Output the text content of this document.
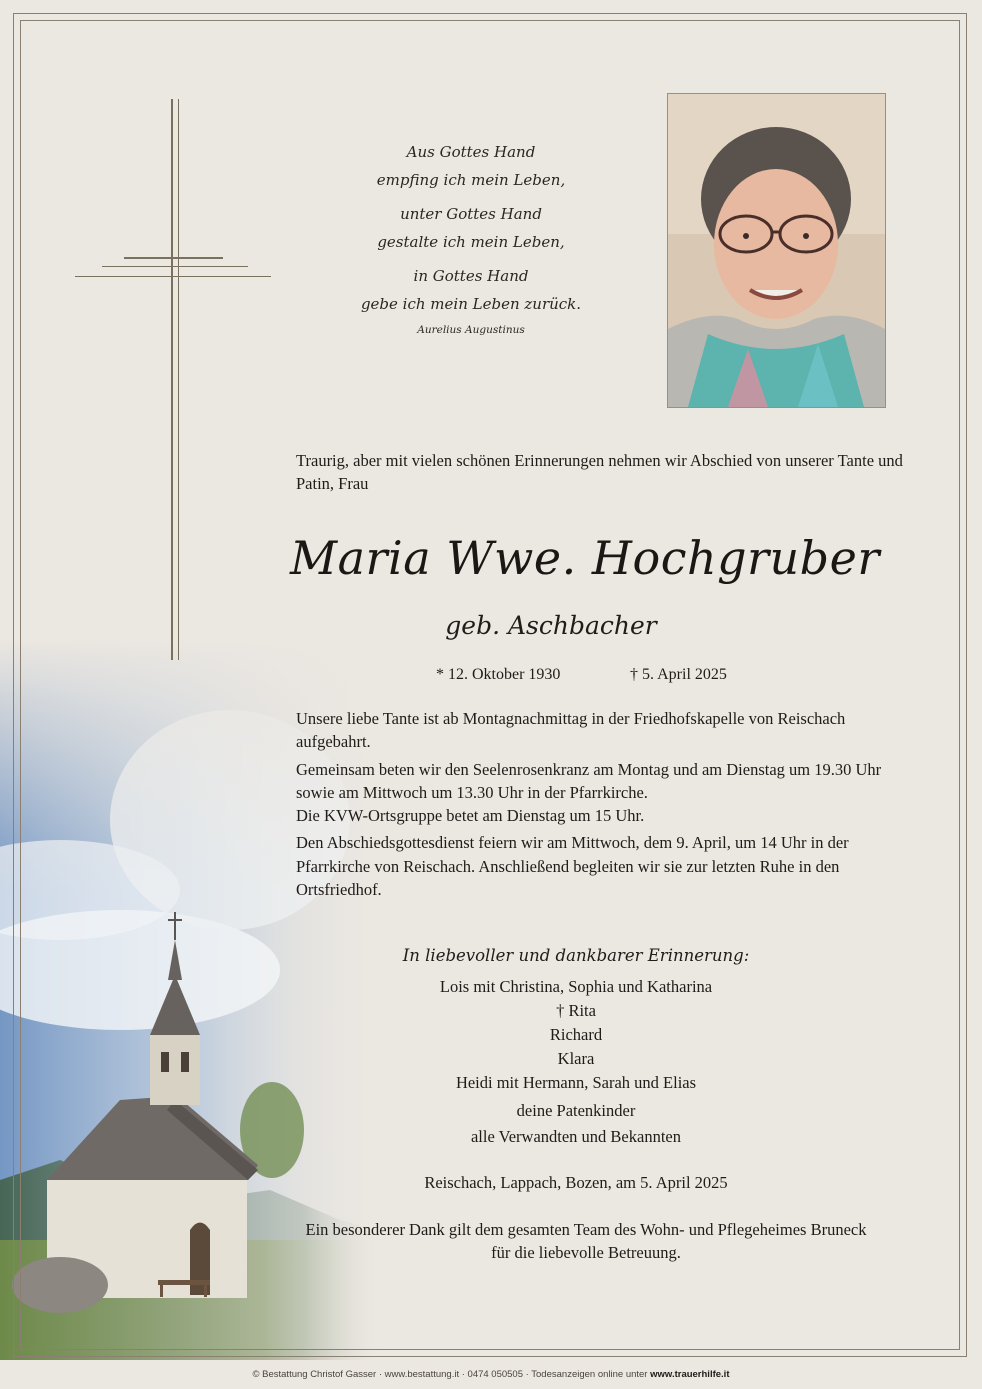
Aus Gottes Hand
empfing ich mein Leben,
unter Gottes Hand
gestalte ich mein Leben,
in Gottes Hand
gebe ich mein Leben zurück.
Aurelius Augustinus
Traurig, aber mit vielen schönen Erinnerungen nehmen wir Abschied von unserer Tante und Patin, Frau
Maria Wwe. Hochgruber
geb. Aschbacher
* 12. Oktober 1930	† 5. April 2025

Unsere liebe Tante ist ab Montagnachmittag in der Friedhofskapelle von Reischach aufgebahrt.

Gemeinsam beten wir den Seelenrosenkranz am Montag und am Dienstag um 19.30 Uhr sowie am Mittwoch um 13.30 Uhr in der Pfarrkirche.

Die KVW-Ortsgruppe betet am Dienstag um 15 Uhr.

Den Abschiedsgottesdienst feiern wir am Mittwoch, dem 9. April, um 14 Uhr in der Pfarrkirche von Reischach. Anschließend begleiten wir sie zur letzten Ruhe in den Ortsfriedhof.

In liebevoller und dankbarer Erinnerung:
Lois mit Christina, Sophia und Katharina
† Rita
Richard
Klara
Heidi mit Hermann, Sarah und Elias
deine Patenkinder
alle Verwandten und Bekannten
Reischach, Lappach, Bozen, am 5. April 2025
Ein besonderer Dank gilt dem gesamten Team des Wohn- und Pflegeheimes Bruneck für die liebevolle Betreuung.
© Bestattung Christof Gasser · www.bestattung.it · 0474 050505 · Todesanzeigen online unter www.trauerhilfe.it
